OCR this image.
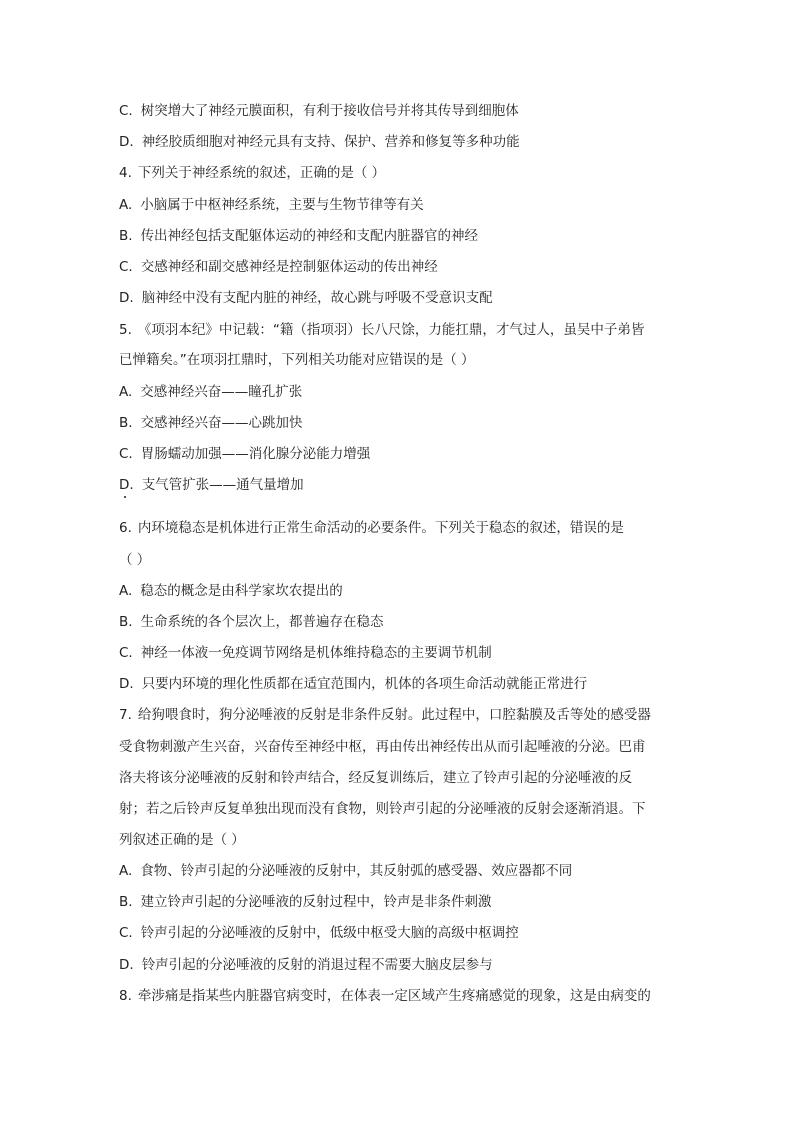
C. 树突增大了神经元膜面积，有利于接收信号并将其传导到细胞体
D. 神经胶质细胞对神经元具有支持、保护、营养和修复等多种功能
4. 下列关于神经系统的叙述，正确的是（ ）
A. 小脑属于中枢神经系统，主要与生物节律等有关
B. 传出神经包括支配躯体运动的神经和支配内脏器官的神经
C. 交感神经和副交感神经是控制躯体运动的传出神经
D. 脑神经中没有支配内脏的神经，故心跳与呼吸不受意识支配
5. 《项羽本纪》中记载：“籍（指项羽）长八尺馀，力能扛鼎，才气过人，虽吴中子弟皆
已惮籍矣。”在项羽扛鼎时，下列相关功能对应错误的是（ ）
A. 交感神经兴奋——瞳孔扩张
B. 交感神经兴奋——心跳加快
C. 胃肠蠕动加强——消化腺分泌能力增强
D. 支气管扩张——通气量增加
6. 内环境稳态是机体进行正常生命活动的必要条件。下列关于稳态的叙述，错误的是
（ ）
A. 稳态的概念是由科学家坎农提出的
B. 生命系统的各个层次上，都普遍存在稳态
C. 神经一体液一免疫调节网络是机体维持稳态的主要调节机制
D. 只要内环境的理化性质都在适宜范围内，机体的各项生命活动就能正常进行
7. 给狗喂食时，狗分泌唾液的反射是非条件反射。此过程中，口腔黏膜及舌等处的感受器
受食物刺激产生兴奋，兴奋传至神经中枢，再由传出神经传出从而引起唾液的分泌。巴甫
洛夫将该分泌唾液的反射和铃声结合，经反复训练后，建立了铃声引起的分泌唾液的反
射；若之后铃声反复单独出现而没有食物，则铃声引起的分泌唾液的反射会逐渐消退。下
列叙述正确的是（ ）
A. 食物、铃声引起的分泌唾液的反射中，其反射弧的感受器、效应器都不同
B. 建立铃声引起的分泌唾液的反射过程中，铃声是非条件刺激
C. 铃声引起的分泌唾液的反射中，低级中枢受大脑的高级中枢调控
D. 铃声引起的分泌唾液的反射的消退过程不需要大脑皮层参与
8. 牵涉痛是指某些内脏器官病变时，在体表一定区域产生疼痛感觉的现象，这是由病变的
